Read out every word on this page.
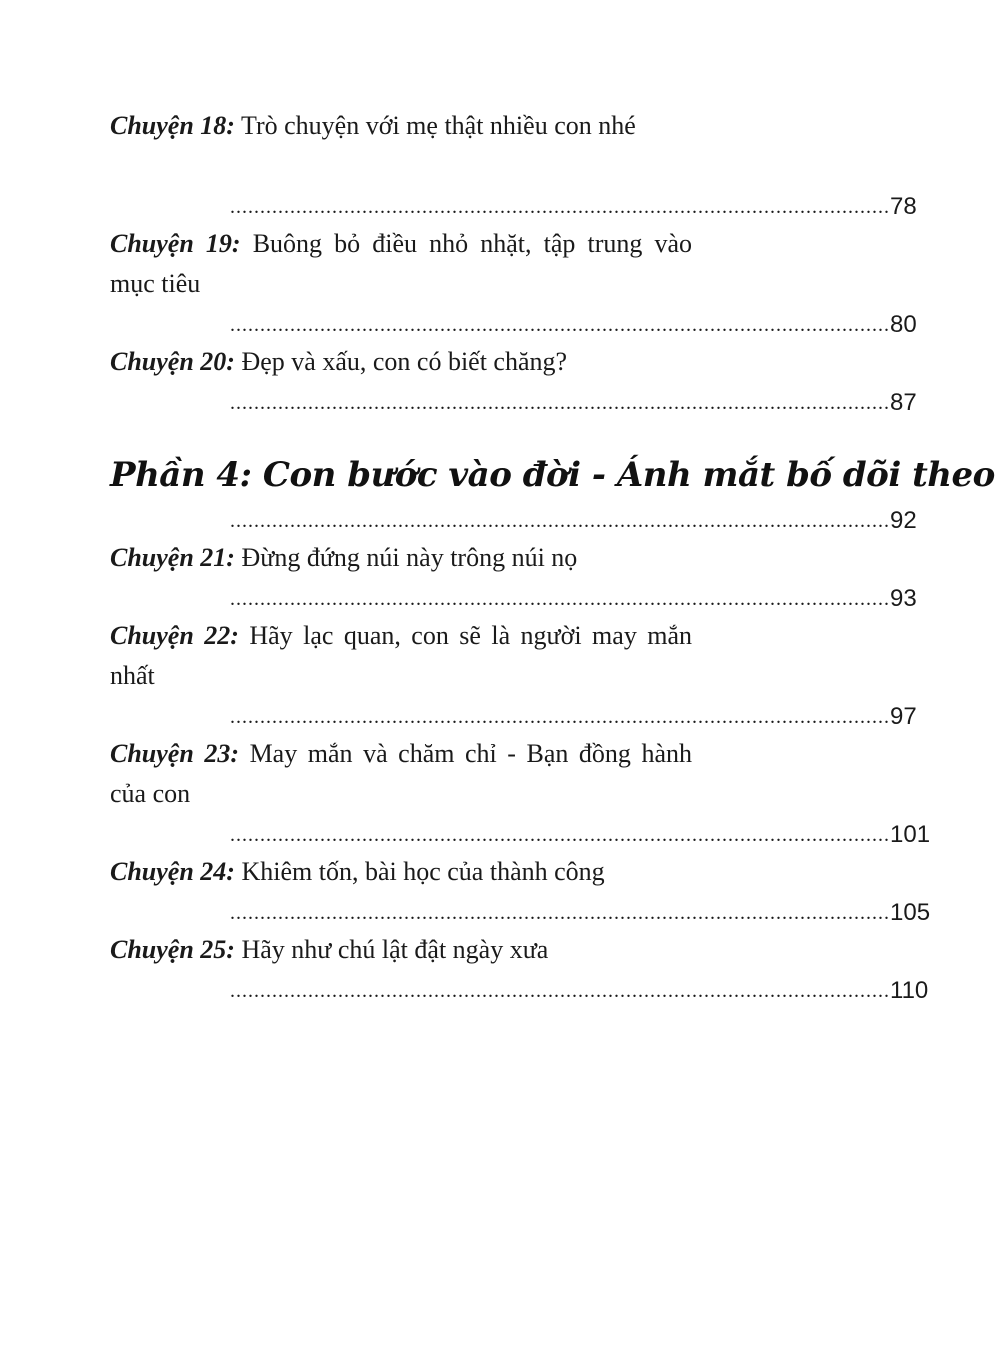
Chuyện 18: Trò chuyện với mẹ thật nhiều con nhé
.............................................................................................................. 78
Chuyện 19: Buông bỏ điều nhỏ nhặt, tập trung vào mục tiêu
.............................................................................................................. 80
Chuyện 20: Đẹp và xấu, con có biết chăng?
.............................................................................................................. 87
Phần 4: Con bước vào đời - Ánh mắt bố dõi theo
.............................................................................................................. 92
Chuyện 21: Đừng đứng núi này trông núi nọ
.............................................................................................................. 93
Chuyện 22: Hãy lạc quan, con sẽ là người may mắn nhất
.............................................................................................................. 97
Chuyện 23: May mắn và chăm chỉ - Bạn đồng hành của con
.............................................................................................................. 101
Chuyện 24: Khiêm tốn, bài học của thành công
.............................................................................................................. 105
Chuyện 25: Hãy như chú lật đật ngày xưa
.............................................................................................................. 110
